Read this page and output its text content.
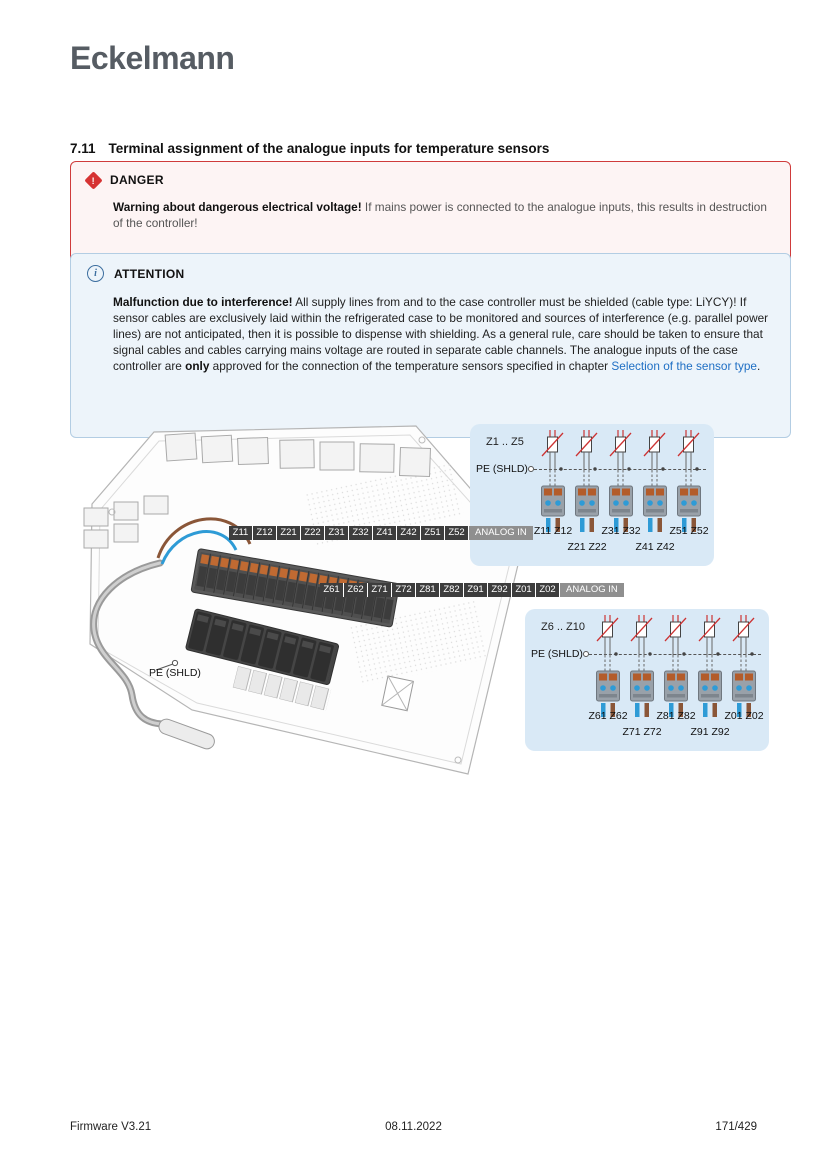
Eckelmann
7.11 Terminal assignment of the analogue inputs for temperature sensors
! DANGER

Warning about dangerous electrical voltage! If mains power is connected to the analogue inputs, this results in destruction of the controller!

i	ATTENTION

Malfunction due to interference! All supply lines from and to the case controller must be shielded (cable type: LiYCY)! If sensor cables are exclusively laid within the refrigerated case to be monitored and sources of interference (e.g. parallel power lines) are not anticipated, then it is possible to dispense with shielding. As a general rule, care should be taken to ensure that signal cables and cables carrying mains voltage are routed in separate cable channels. The analogue inputs of the case controller are only approved for the connection of the temperature sensors specified in chapter Selection of the sensor type.

Z11 Z12 Z21 Z22 Z31 Z32 Z41 Z42 Z51 Z52	ANALOG IN
Z61 Z62 Z71 Z72 Z81 Z82 Z91 Z92 Z01 Z02	ANALOG IN
PE (SHLD)
Z1 .. Z5
PE (SHLD)
Z11 Z12
Z21 Z22
Z31 Z32
Z41 Z42
Z51 Z52
Z6 .. Z10
PE (SHLD)
Z61 Z62
Z71 Z72
Z81 Z82
Z91 Z92
Z01 Z02
Firmware V3.21	08.11.2022	171/429
